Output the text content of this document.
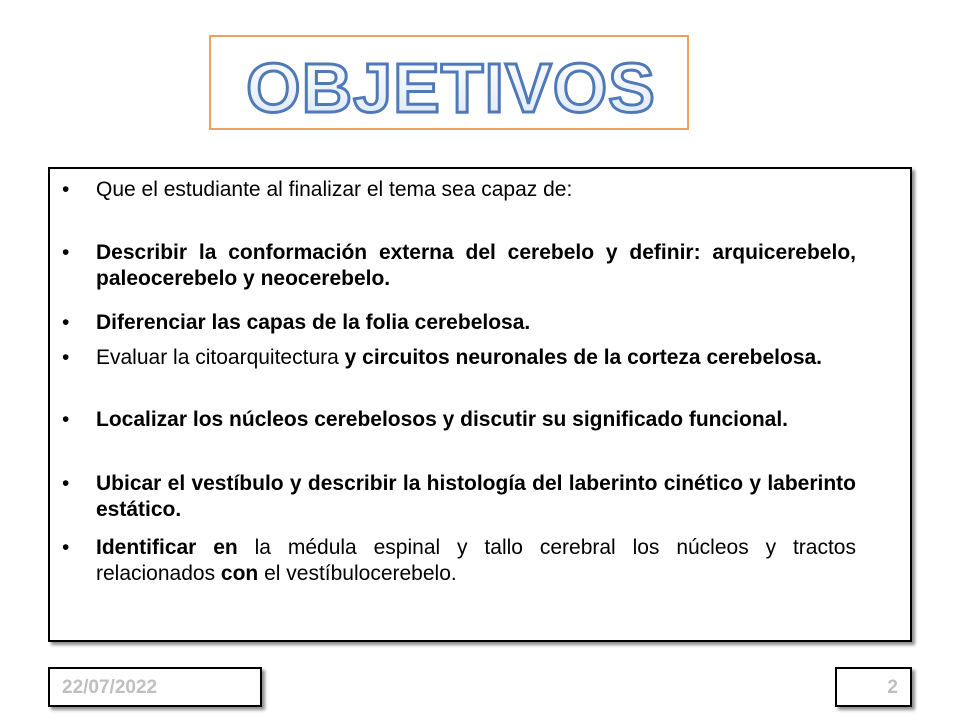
OBJETIVOS
• Que el estudiante al finalizar el tema sea capaz de:
• Describir la conformación externa del cerebelo y definir: arquicerebelo, paleocerebelo y neocerebelo.
• Diferenciar las capas de la folia cerebelosa.
• Evaluar la citoarquitectura y circuitos neuronales de la corteza cerebelosa.
• Localizar los núcleos cerebelosos y discutir su significado funcional.
• Ubicar el vestíbulo y describir la histología del laberinto cinético y laberinto estático.
• Identificar en la médula espinal y tallo cerebral los núcleos y tractos relacionados con el vestíbulocerebelo.
22/07/2022	2
